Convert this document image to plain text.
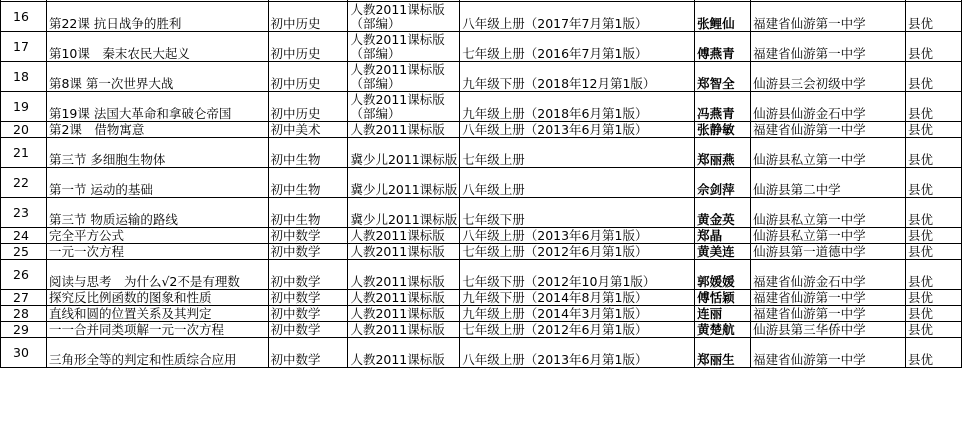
16	第22课 抗日战争的胜利	初中历史	人教2011课标版（部编）	八年级上册（2017年7月第1版）	张鲤仙	福建省仙游第一中学	县优
17	第10课　秦末农民大起义	初中历史	人教2011课标版（部编）	七年级上册（2016年7月第1版）	傅燕青	福建省仙游第一中学	县优
18	第8课 第一次世界大战	初中历史	人教2011课标版（部编）	九年级下册（2018年12月第1版）	郑智全	仙游县三会初级中学	县优
19	第19课 法国大革命和拿破仑帝国	初中历史	人教2011课标版（部编）	九年级上册（2018年6月第1版）	冯燕青	仙游县仙游金石中学	县优
20	第2课　借物寓意	初中美术	人教2011课标版	八年级上册（2013年6月第1版）	张静敏	福建省仙游第一中学	县优
21	第三节 多细胞生物体	初中生物	冀少儿2011课标版	七年级上册	郑丽燕	仙游县私立第一中学	县优
22	第一节 运动的基础	初中生物	冀少儿2011课标版	八年级上册	佘剑萍	仙游县第二中学	县优
23	第三节 物质运输的路线	初中生物	冀少儿2011课标版	七年级下册	黄金英	仙游县私立第一中学	县优
24	完全平方公式	初中数学	人教2011课标版	八年级上册（2013年6月第1版）	郑晶	仙游县私立第一中学	县优
25	一元一次方程	初中数学	人教2011课标版	七年级上册（2012年6月第1版）	黄美连	仙游县第一道德中学	县优
26	阅读与思考　为什么√2不是有理数	初中数学	人教2011课标版	七年级下册（2012年10月第1版）	郭媛媛	福建省仙游金石中学	县优
27	探究反比例函数的图象和性质	初中数学	人教2011课标版	九年级下册（2014年8月第1版）	傅恬颖	福建省仙游第一中学	县优
28	直线和圆的位置关系及其判定	初中数学	人教2011课标版	九年级上册（2014年3月第1版）	连丽	福建省仙游第一中学	县优
29	一一合并同类项解一元一次方程	初中数学	人教2011课标版	七年级上册（2012年6月第1版）	黄楚航	仙游县第三华侨中学	县优
30	三角形全等的判定和性质综合应用	初中数学	人教2011课标版	八年级上册（2013年6月第1版）	郑丽生	福建省仙游第一中学	县优
